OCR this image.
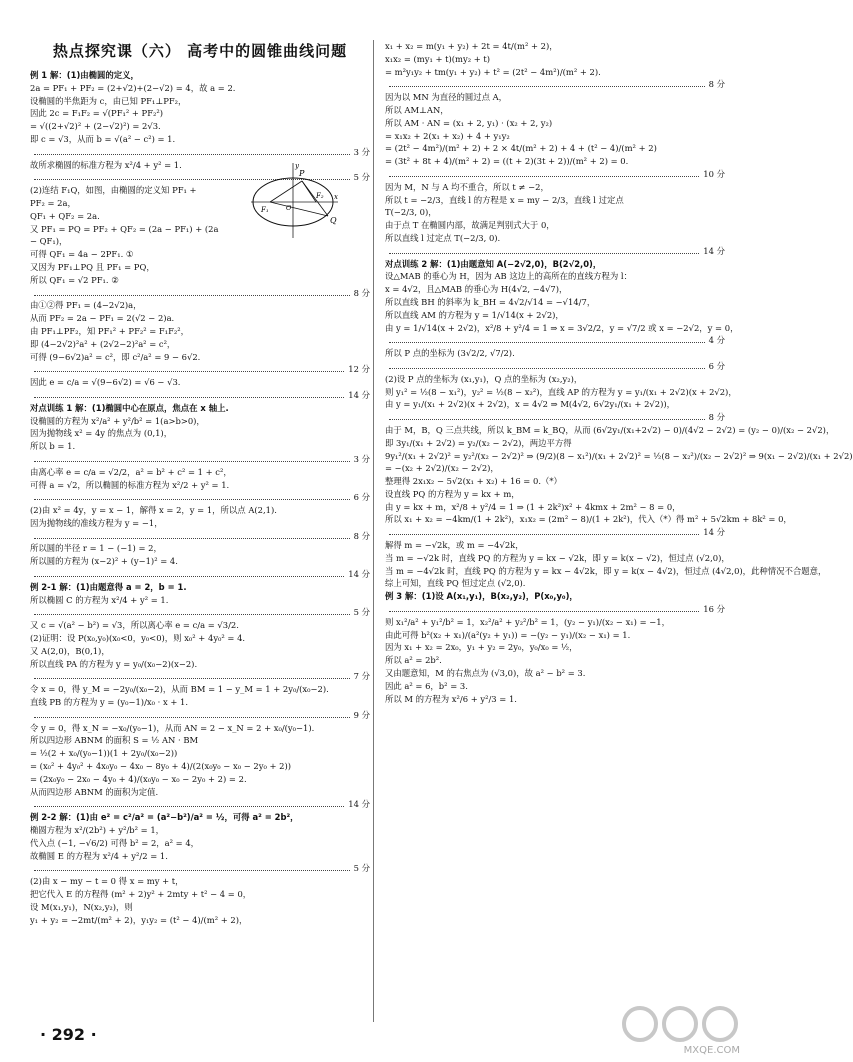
热点探究课（六） 高考中的圆锥曲线问题
例 1 解：(1)由椭圆的定义，
2a = PF₁ + PF₂ = (2+√2)+(2−√2) = 4，故 a = 2.
设椭圆的半焦距为 c，由已知 PF₁⊥PF₂，
因此 2c = F₁F₂ = √(PF₁² + PF₂²)
= √((2+√2)² + (2−√2)²) = 2√3.
即 c = √3，从而 b = √(a² − c²) = 1.
3 分
故所求椭圆的标准方程为 x²/4 + y² = 1.
5 分
(2)连结 F₁Q，如图，由椭圆的定义知 PF₁ +
PF₂ = 2a，
QF₁ + QF₂ = 2a.
又 PF₁ = PQ = PF₂ + QF₂ = (2a − PF₁) + (2a
− QF₁)，
可得 QF₁ = 4a − 2PF₁. ①
又因为 PF₁⊥PQ 且 PF₁ = PQ，
所以 QF₁ = √2 PF₁. ②
8 分
由①②得 PF₁ = (4−2√2)a，
从而 PF₂ = 2a − PF₁ = 2(√2 − 2)a.
由 PF₁⊥PF₂，知 PF₁² + PF₂² = F₁F₂²，
即 (4−2√2)²a² + (2√2−2)²a² = c²，
可得 (9−6√2)a² = c²，即 c²/a² = 9 − 6√2.
12 分
因此 e = c/a = √(9−6√2) = √6 − √3.
14 分
对点训练 1 解：(1)椭圆中心在原点，焦点在 x 轴上.
设椭圆的方程为 x²/a² + y²/b² = 1(a>b>0)，
因为抛物线 x² = 4y 的焦点为 (0,1)，
所以 b = 1.
3 分
由离心率 e = c/a = √2/2，a² = b² + c² = 1 + c²，
可得 a = √2，所以椭圆的标准方程为 x²/2 + y² = 1.
6 分
(2)由 x² = 4y，y = x − 1，解得 x = 2，y = 1，所以点 A(2,1).
因为抛物线的准线方程为 y = −1，
8 分
所以圆的半径 r = 1 − (−1) = 2，
所以圆的方程为 (x−2)² + (y−1)² = 4.
14 分
例 2-1 解：(1)由题意得 a = 2，b = 1.
所以椭圆 C 的方程为 x²/4 + y² = 1.
5 分
又 c = √(a² − b²) = √3，所以离心率 e = c/a = √3/2.
(2)证明：设 P(x₀,y₀)(x₀<0，y₀<0)，则 x₀² + 4y₀² = 4.
又 A(2,0)，B(0,1)，
所以直线 PA 的方程为 y = y₀/(x₀−2)(x−2).
7 分
令 x = 0，得 y_M = −2y₀/(x₀−2)，从而 BM = 1 − y_M = 1 + 2y₀/(x₀−2).
直线 PB 的方程为 y = (y₀−1)/x₀ · x + 1.
9 分
令 y = 0，得 x_N = −x₀/(y₀−1)，从而 AN = 2 − x_N = 2 + x₀/(y₀−1).
所以四边形 ABNM 的面积 S = ½ AN · BM
= ½(2 + x₀/(y₀−1))(1 + 2y₀/(x₀−2))
= (x₀² + 4y₀² + 4x₀y₀ − 4x₀ − 8y₀ + 4)/(2(x₀y₀ − x₀ − 2y₀ + 2))
= (2x₀y₀ − 2x₀ − 4y₀ + 4)/(x₀y₀ − x₀ − 2y₀ + 2) = 2.
从而四边形 ABNM 的面积为定值.
14 分
例 2-2 解：(1)由 e² = c²/a² = (a²−b²)/a² = ½，可得 a² = 2b²，
椭圆方程为 x²/(2b²) + y²/b² = 1，
代入点 (−1, −√6/2) 可得 b² = 2，a² = 4，
故椭圆 E 的方程为 x²/4 + y²/2 = 1.
5 分
(2)由 x − my − t = 0 得 x = my + t，
把它代入 E 的方程得 (m² + 2)y² + 2mty + t² − 4 = 0，
设 M(x₁,y₁)，N(x₂,y₂)，则
y₁ + y₂ = −2mt/(m² + 2)，y₁y₂ = (t² − 4)/(m² + 2)，
x₁ + x₂ = m(y₁ + y₂) + 2t = 4t/(m² + 2)，
x₁x₂ = (my₁ + t)(my₂ + t)
= m²y₁y₂ + tm(y₁ + y₂) + t² = (2t² − 4m²)/(m² + 2).
8 分
因为以 MN 为直径的圆过点 A，
所以 AM⊥AN，
所以 AM · AN = (x₁ + 2, y₁) · (x₂ + 2, y₂)
= x₁x₂ + 2(x₁ + x₂) + 4 + y₁y₂
= (2t² − 4m²)/(m² + 2) + 2 × 4t/(m² + 2) + 4 + (t² − 4)/(m² + 2)
= (3t² + 8t + 4)/(m² + 2) = ((t + 2)(3t + 2))/(m² + 2) = 0.
10 分
因为 M，N 与 A 均不重合，所以 t ≠ −2，
所以 t = −2/3，直线 l 的方程是 x = my − 2/3，直线 l 过定点
T(−2/3, 0)，
由于点 T 在椭圆内部，故满足判别式大于 0，
所以直线 l 过定点 T(−2/3, 0).
14 分
对点训练 2 解：(1)由题意知 A(−2√2,0)，B(2√2,0)，
设△MAB 的垂心为 H，因为 AB 这边上的高所在的直线方程为 l：
x = 4√2，且△MAB 的垂心为 H(4√2, −4√7)，
所以直线 BH 的斜率为 k_BH = 4√2/√14 = −√14/7，
所以直线 AM 的方程为 y = 1/√14(x + 2√2)，
由 y = 1/√14(x + 2√2)，x²/8 + y²/4 = 1 ⇒ x = 3√2/2，y = √7/2 或 x = −2√2，y = 0，
4 分
所以 P 点的坐标为 (3√2/2, √7/2).
6 分
(2)设 P 点的坐标为 (x₁,y₁)，Q 点的坐标为 (x₂,y₂)，
则 y₁² = ½(8 − x₁²)，y₂² = ½(8 − x₂²)，直线 AP 的方程为 y = y₁/(x₁ + 2√2)(x + 2√2)，
由 y = y₁/(x₁ + 2√2)(x + 2√2)，x = 4√2 ⇒ M(4√2, 6√2y₁/(x₁ + 2√2))，
8 分
由于 M，B，Q 三点共线，所以 k_BM = k_BQ，从而 (6√2y₁/(x₁+2√2) − 0)/(4√2 − 2√2) = (y₂ − 0)/(x₂ − 2√2)，
即 3y₁/(x₁ + 2√2) = y₂/(x₂ − 2√2)，两边平方得
9y₁²/(x₁ + 2√2)² = y₂²/(x₂ − 2√2)² ⇒ (9/2)(8 − x₁²)/(x₁ + 2√2)² = ½(8 − x₂²)/(x₂ − 2√2)² ⇒ 9(x₁ − 2√2)/(x₁ + 2√2)
= −(x₂ + 2√2)/(x₂ − 2√2)，
整理得 2x₁x₂ − 5√2(x₁ + x₂) + 16 = 0.（*）
设直线 PQ 的方程为 y = kx + m，
由 y = kx + m，x²/8 + y²/4 = 1 ⇒ (1 + 2k²)x² + 4kmx + 2m² − 8 = 0，
所以 x₁ + x₂ = −4km/(1 + 2k²)，x₁x₂ = (2m² − 8)/(1 + 2k²)，代入（*）得 m² + 5√2km + 8k² = 0，
14 分
解得 m = −√2k，或 m = −4√2k，
当 m = −√2k 时，直线 PQ 的方程为 y = kx − √2k，即 y = k(x − √2)，恒过点 (√2,0)，
当 m = −4√2k 时，直线 PQ 的方程为 y = kx − 4√2k，即 y = k(x − 4√2)，恒过点 (4√2,0)，此种情况不合题意，
综上可知，直线 PQ 恒过定点 (√2,0).
例 3 解：(1)设 A(x₁,y₁)，B(x₂,y₂)，P(x₀,y₀)，
16 分
则 x₁²/a² + y₁²/b² = 1，x₂²/a² + y₂²/b² = 1，(y₂ − y₁)/(x₂ − x₁) = −1，
由此可得 b²(x₂ + x₁)/(a²(y₂ + y₁)) = −(y₂ − y₁)/(x₂ − x₁) = 1.
因为 x₁ + x₂ = 2x₀，y₁ + y₂ = 2y₀，y₀/x₀ = ½，
所以 a² = 2b².
又由题意知，M 的右焦点为 (√3,0)，故 a² − b² = 3.
因此 a² = 6，b² = 3.
所以 M 的方程为 x²/6 + y²/3 = 1.
P
F₁
F₂
Q
O
x
y
· 292 ·
MXQE.COM
